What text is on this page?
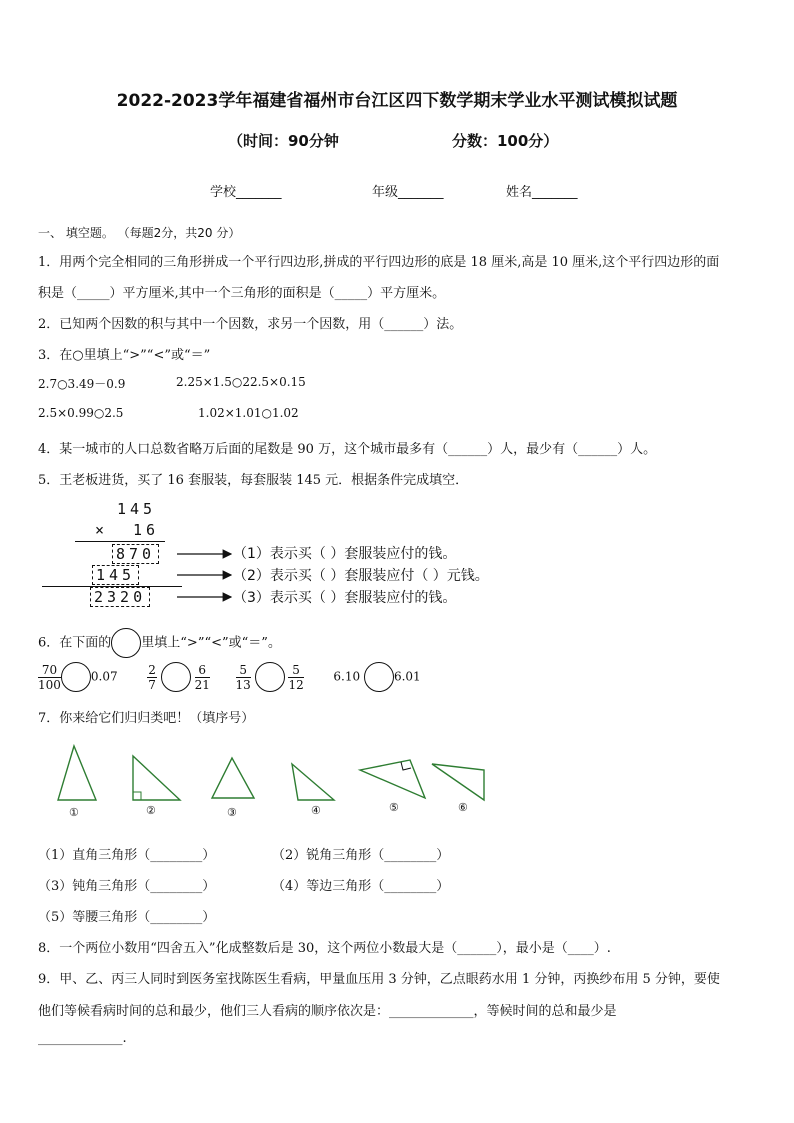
2022-2023学年福建省福州市台江区四下数学期末学业水平测试模拟试题
（时间：90分钟	分数：100分）
学校_______	年级_______	姓名_______
一、 填空题。 （每题2分，共20 分）
1．用两个完全相同的三角形拼成一个平行四边形,拼成的平行四边形的底是 18 厘米,高是 10 厘米,这个平行四边形的面
积是（_____）平方厘米,其中一个三角形的面积是（_____）平方厘米。
2．已知两个因数的积与其中一个因数，求另一个因数，用（______）法。
3．在○里填上“>”“<”或“＝”
2.7○3.49－0.9	2.25×1.5○22.5×0.15
2.5×0.99○2.5	1.02×1.01○1.02
4．某一城市的人口总数省略万后面的尾数是 90 万，这个城市最多有（______）人，最少有（______）人。
5．王老板进货，买了 16 套服装，每套服装 145 元．根据条件完成填空．
145
× 16
870
145
2320
（1）表示买（ ）套服装应付的钱。
（2）表示买（ ）套服装应付（ ）元钱。
（3）表示买（ ）套服装应付的钱。
6．在下面的 里填上“>”“<”或“＝”。
$\frac{70}{100}$	$0.07 \frac{2}{7}$
	$\frac{6}{21}$
$\frac{5}{13}$
	$\frac{5}{12} 6.10$	6.01
7．你来给它们归归类吧！（填序号）
①	②	③	④	⑤	⑥
（1）直角三角形（________）	（2）锐角三角形（________）
（3）钝角三角形（________）	（4）等边三角形（________）
（5）等腰三角形（________）
8．一个两位小数用“四舍五入”化成整数后是 30，这个两位小数最大是（______），最小是（____）.
9．甲、乙、丙三人同时到医务室找陈医生看病，甲量血压用 3 分钟，乙点眼药水用 1 分钟，丙换纱布用 5 分钟，要使
他们等候看病时间的总和最少，他们三人看病的顺序依次是：_____________，等候时间的总和最少是
_____________.
